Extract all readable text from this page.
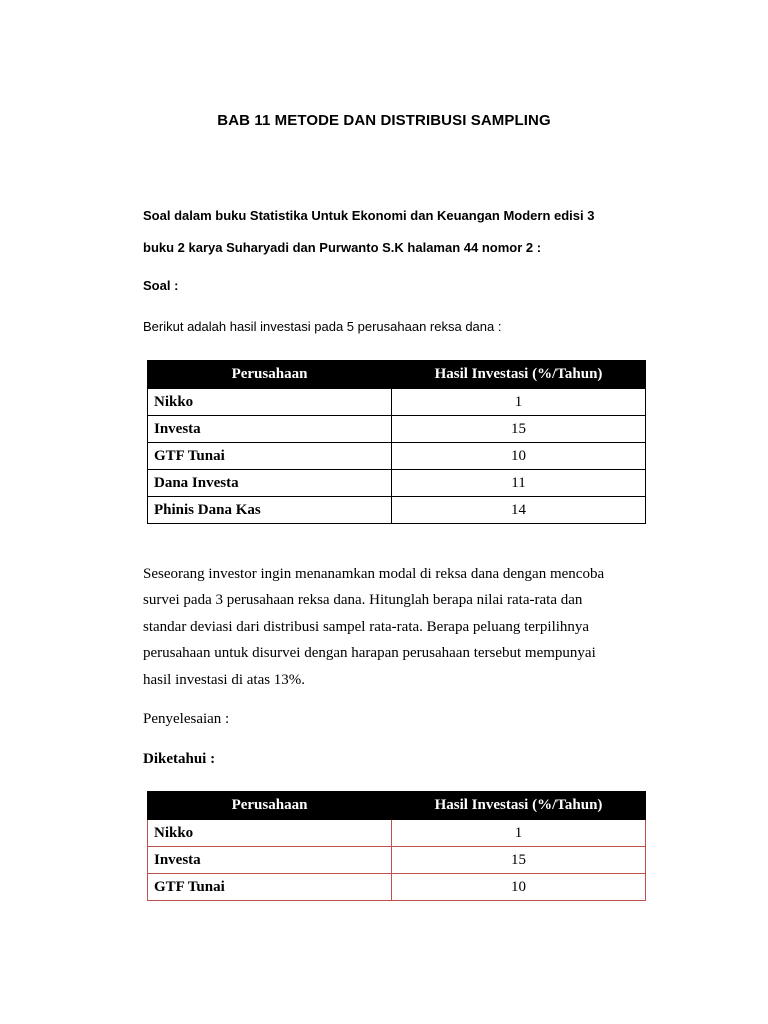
BAB 11 METODE DAN DISTRIBUSI SAMPLING
Soal dalam buku Statistika Untuk Ekonomi dan Keuangan Modern edisi 3
buku 2 karya Suharyadi dan Purwanto S.K halaman 44 nomor 2 :
Soal :
Berikut adalah hasil investasi pada 5 perusahaan reksa dana :
Perusahaan	Hasil Investasi (%/Tahun)
Nikko	1
Investa	15
GTF Tunai	10
Dana Investa	11
Phinis Dana Kas	14
Seseorang investor ingin menanamkan modal di reksa dana dengan mencoba
survei pada 3 perusahaan reksa dana. Hitunglah berapa nilai rata-rata dan
standar deviasi dari distribusi sampel rata-rata. Berapa peluang terpilihnya
perusahaan untuk disurvei dengan harapan perusahaan tersebut mempunyai
hasil investasi di atas 13%.
Penyelesaian :
Diketahui :
Perusahaan	Hasil Investasi (%/Tahun)
Nikko	1
Investa	15
GTF Tunai	10
